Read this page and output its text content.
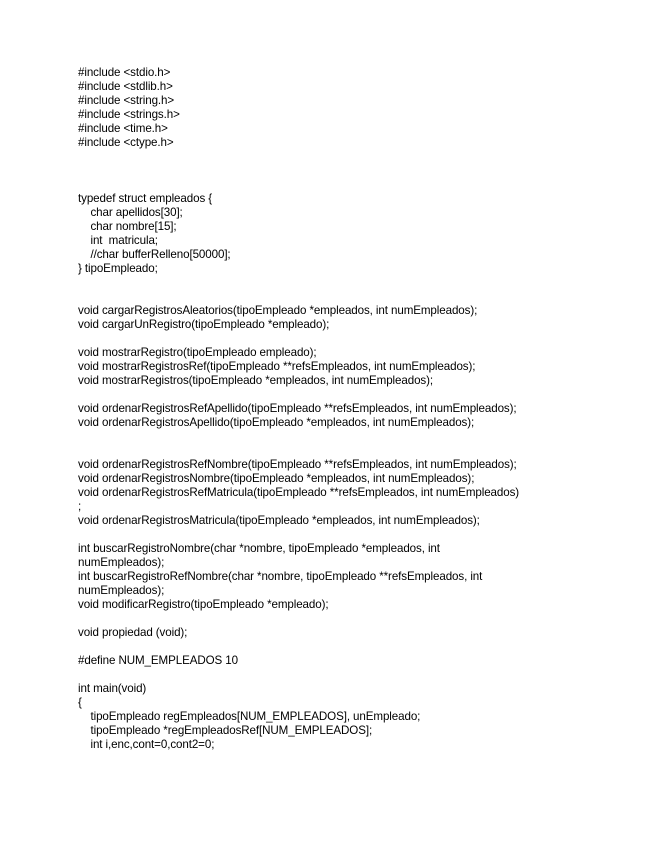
#include <stdio.h>
#include <stdlib.h>
#include <string.h>
#include <strings.h>
#include <time.h>
#include <ctype.h>
typedef struct empleados {
char apellidos[30];
char nombre[15];
int  matricula;
//char bufferRelleno[50000];
} tipoEmpleado;
void cargarRegistrosAleatorios(tipoEmpleado *empleados, int numEmpleados);
void cargarUnRegistro(tipoEmpleado *empleado);
void mostrarRegistro(tipoEmpleado empleado);
void mostrarRegistrosRef(tipoEmpleado **refsEmpleados, int numEmpleados);
void mostrarRegistros(tipoEmpleado *empleados, int numEmpleados);
void ordenarRegistrosRefApellido(tipoEmpleado **refsEmpleados, int numEmpleados);
void ordenarRegistrosApellido(tipoEmpleado *empleados, int numEmpleados);
void ordenarRegistrosRefNombre(tipoEmpleado **refsEmpleados, int numEmpleados);
void ordenarRegistrosNombre(tipoEmpleado *empleados, int numEmpleados);
void ordenarRegistrosRefMatricula(tipoEmpleado **refsEmpleados, int numEmpleados)
;
void ordenarRegistrosMatricula(tipoEmpleado *empleados, int numEmpleados);
int buscarRegistroNombre(char *nombre, tipoEmpleado *empleados, int
numEmpleados);
int buscarRegistroRefNombre(char *nombre, tipoEmpleado **refsEmpleados, int
numEmpleados);
void modificarRegistro(tipoEmpleado *empleado);
void propiedad (void);
#define NUM_EMPLEADOS 10
int main(void)
{
tipoEmpleado regEmpleados[NUM_EMPLEADOS], unEmpleado;
tipoEmpleado *regEmpleadosRef[NUM_EMPLEADOS];
int i,enc,cont=0,cont2=0;
